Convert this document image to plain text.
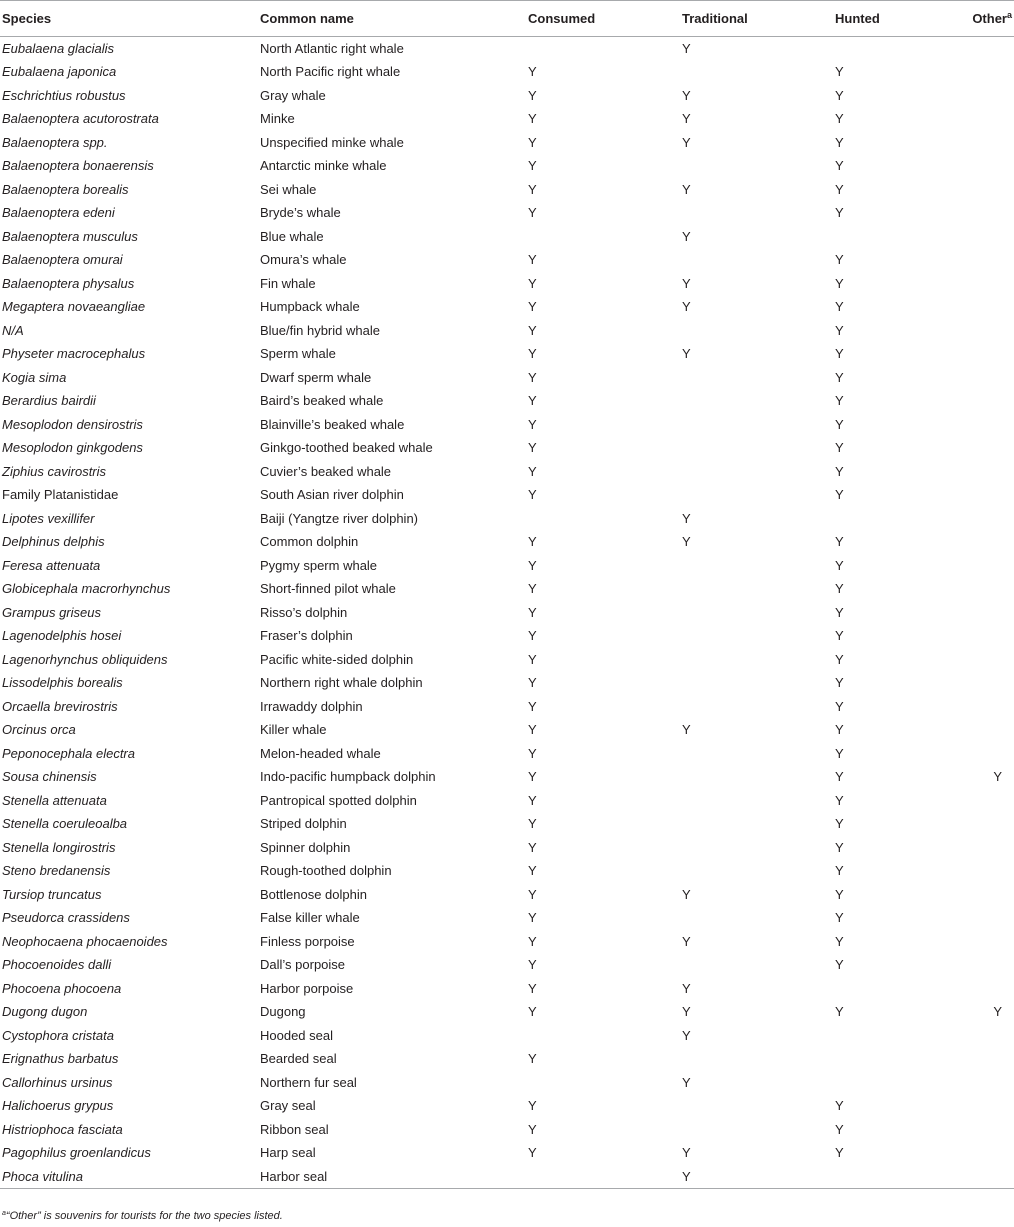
Species	Common name	Consumed	Traditional	Hunted	Other$^a$
Eubalaena glacialis	North Atlantic right whale		Y		
Eubalaena japonica	North Pacific right whale	Y		Y	
Eschrichtius robustus	Gray whale	Y	Y	Y	
Balaenoptera acutorostrata	Minke	Y	Y	Y	
Balaenoptera spp.	Unspecified minke whale	Y	Y	Y	
Balaenoptera bonaerensis	Antarctic minke whale	Y		Y	
Balaenoptera borealis	Sei whale	Y	Y	Y	
Balaenoptera edeni	Bryde’s whale	Y		Y	
Balaenoptera musculus	Blue whale		Y		
Balaenoptera omurai	Omura’s whale	Y		Y	
Balaenoptera physalus	Fin whale	Y	Y	Y	
Megaptera novaeangliae	Humpback whale	Y	Y	Y	
N/A	Blue/fin hybrid whale	Y		Y	
Physeter macrocephalus	Sperm whale	Y	Y	Y	
Kogia sima	Dwarf sperm whale	Y		Y	
Berardius bairdii	Baird’s beaked whale	Y		Y	
Mesoplodon densirostris	Blainville’s beaked whale	Y		Y	
Mesoplodon ginkgodens	Ginkgo-toothed beaked whale	Y		Y	
Ziphius cavirostris	Cuvier’s beaked whale	Y		Y	
Family Platanistidae	South Asian river dolphin	Y		Y	
Lipotes vexillifer	Baiji (Yangtze river dolphin)		Y		
Delphinus delphis	Common dolphin	Y	Y	Y	
Feresa attenuata	Pygmy sperm whale	Y		Y	
Globicephala macrorhynchus	Short-finned pilot whale	Y		Y	
Grampus griseus	Risso’s dolphin	Y		Y	
Lagenodelphis hosei	Fraser’s dolphin	Y		Y	
Lagenorhynchus obliquidens	Pacific white-sided dolphin	Y		Y	
Lissodelphis borealis	Northern right whale dolphin	Y		Y	
Orcaella brevirostris	Irrawaddy dolphin	Y		Y	
Orcinus orca	Killer whale	Y	Y	Y	
Peponocephala electra	Melon-headed whale	Y		Y	
Sousa chinensis	Indo-pacific humpback dolphin	Y		Y	Y
Stenella attenuata	Pantropical spotted dolphin	Y		Y	
Stenella coeruleoalba	Striped dolphin	Y		Y	
Stenella longirostris	Spinner dolphin	Y		Y	
Steno bredanensis	Rough-toothed dolphin	Y		Y	
Tursiop truncatus	Bottlenose dolphin	Y	Y	Y	
Pseudorca crassidens	False killer whale	Y		Y	
Neophocaena phocaenoides	Finless porpoise	Y	Y	Y	
Phocoenoides dalli	Dall’s porpoise	Y		Y	
Phocoena phocoena	Harbor porpoise	Y	Y		
Dugong dugon	Dugong	Y	Y	Y	Y
Cystophora cristata	Hooded seal		Y		
Erignathus barbatus	Bearded seal	Y			
Callorhinus ursinus	Northern fur seal		Y		
Halichoerus grypus	Gray seal	Y		Y	
Histriophoca fasciata	Ribbon seal	Y		Y	
Pagophilus groenlandicus	Harp seal	Y	Y	Y	
Phoca vitulina	Harbor seal		Y		
$^a$“Other” is souvenirs for tourists for the two species listed.
